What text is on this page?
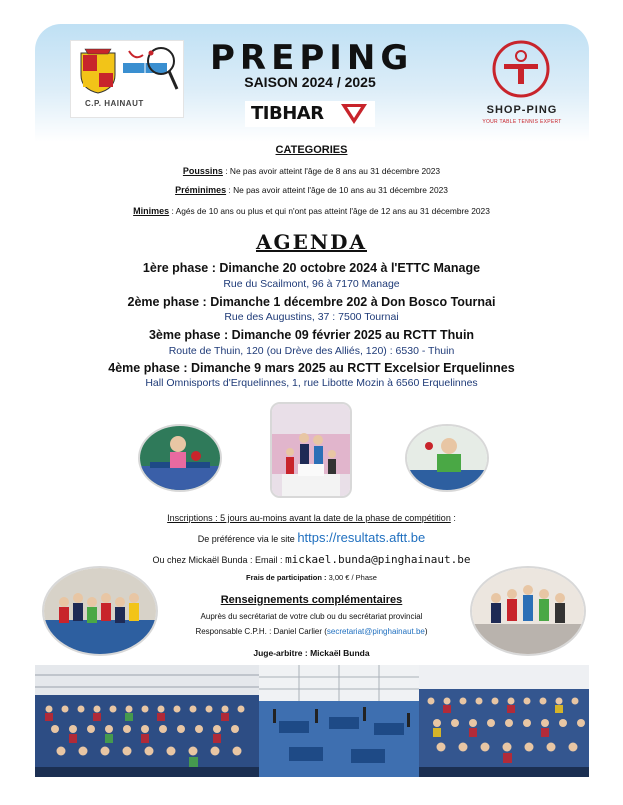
C.P. HAINAUT
PREPING
SAISON 2024 / 2025
TIBHAR	SHOP-PING
YOUR TABLE TENNIS EXPERT
CATEGORIES
Poussins : Ne pas avoir atteint l'âge de 8 ans au 31 décembre 2023
Préminimes : Ne pas avoir atteint l'âge de 10 ans au 31 décembre 2023
Minimes : Agés de 10 ans ou plus et qui n'ont pas atteint l'âge de 12 ans au 31 décembre 2023
AGENDA
1ère phase : Dimanche 20 octobre 2024 à l'ETTC Manage
Rue du Scailmont, 96 à 7170 Manage
2ème phase : Dimanche 1 décembre 202 à Don Bosco Tournai
Rue des Augustins, 37 : 7500 Tournai
3ème phase : Dimanche 09 février 2025 au RCTT Thuin
Route de Thuin, 120 (ou Drève des Alliés, 120) : 6530 - Thuin
4ème phase : Dimanche 9 mars 2025 au RCTT Excelsior Erquelinnes
Hall Omnisports d'Erquelinnes, 1, rue Libotte Mozin à 6560 Erquelinnes
Inscriptions : 5 jours au-moins avant la date de la phase de compétition :
De préférence via le site https://resultats.aftt.be
Ou chez Mickaël Bunda : Email : mickael.bunda@pinghainaut.be
Frais de participation : 3,00 € / Phase
Renseignements complémentaires
Auprès du secrétariat de votre club ou du secrétariat provincial
Responsable C.P.H. : Daniel Carlier (secretariat@pinghainaut.be)
Juge-arbitre : Mickaël Bunda
